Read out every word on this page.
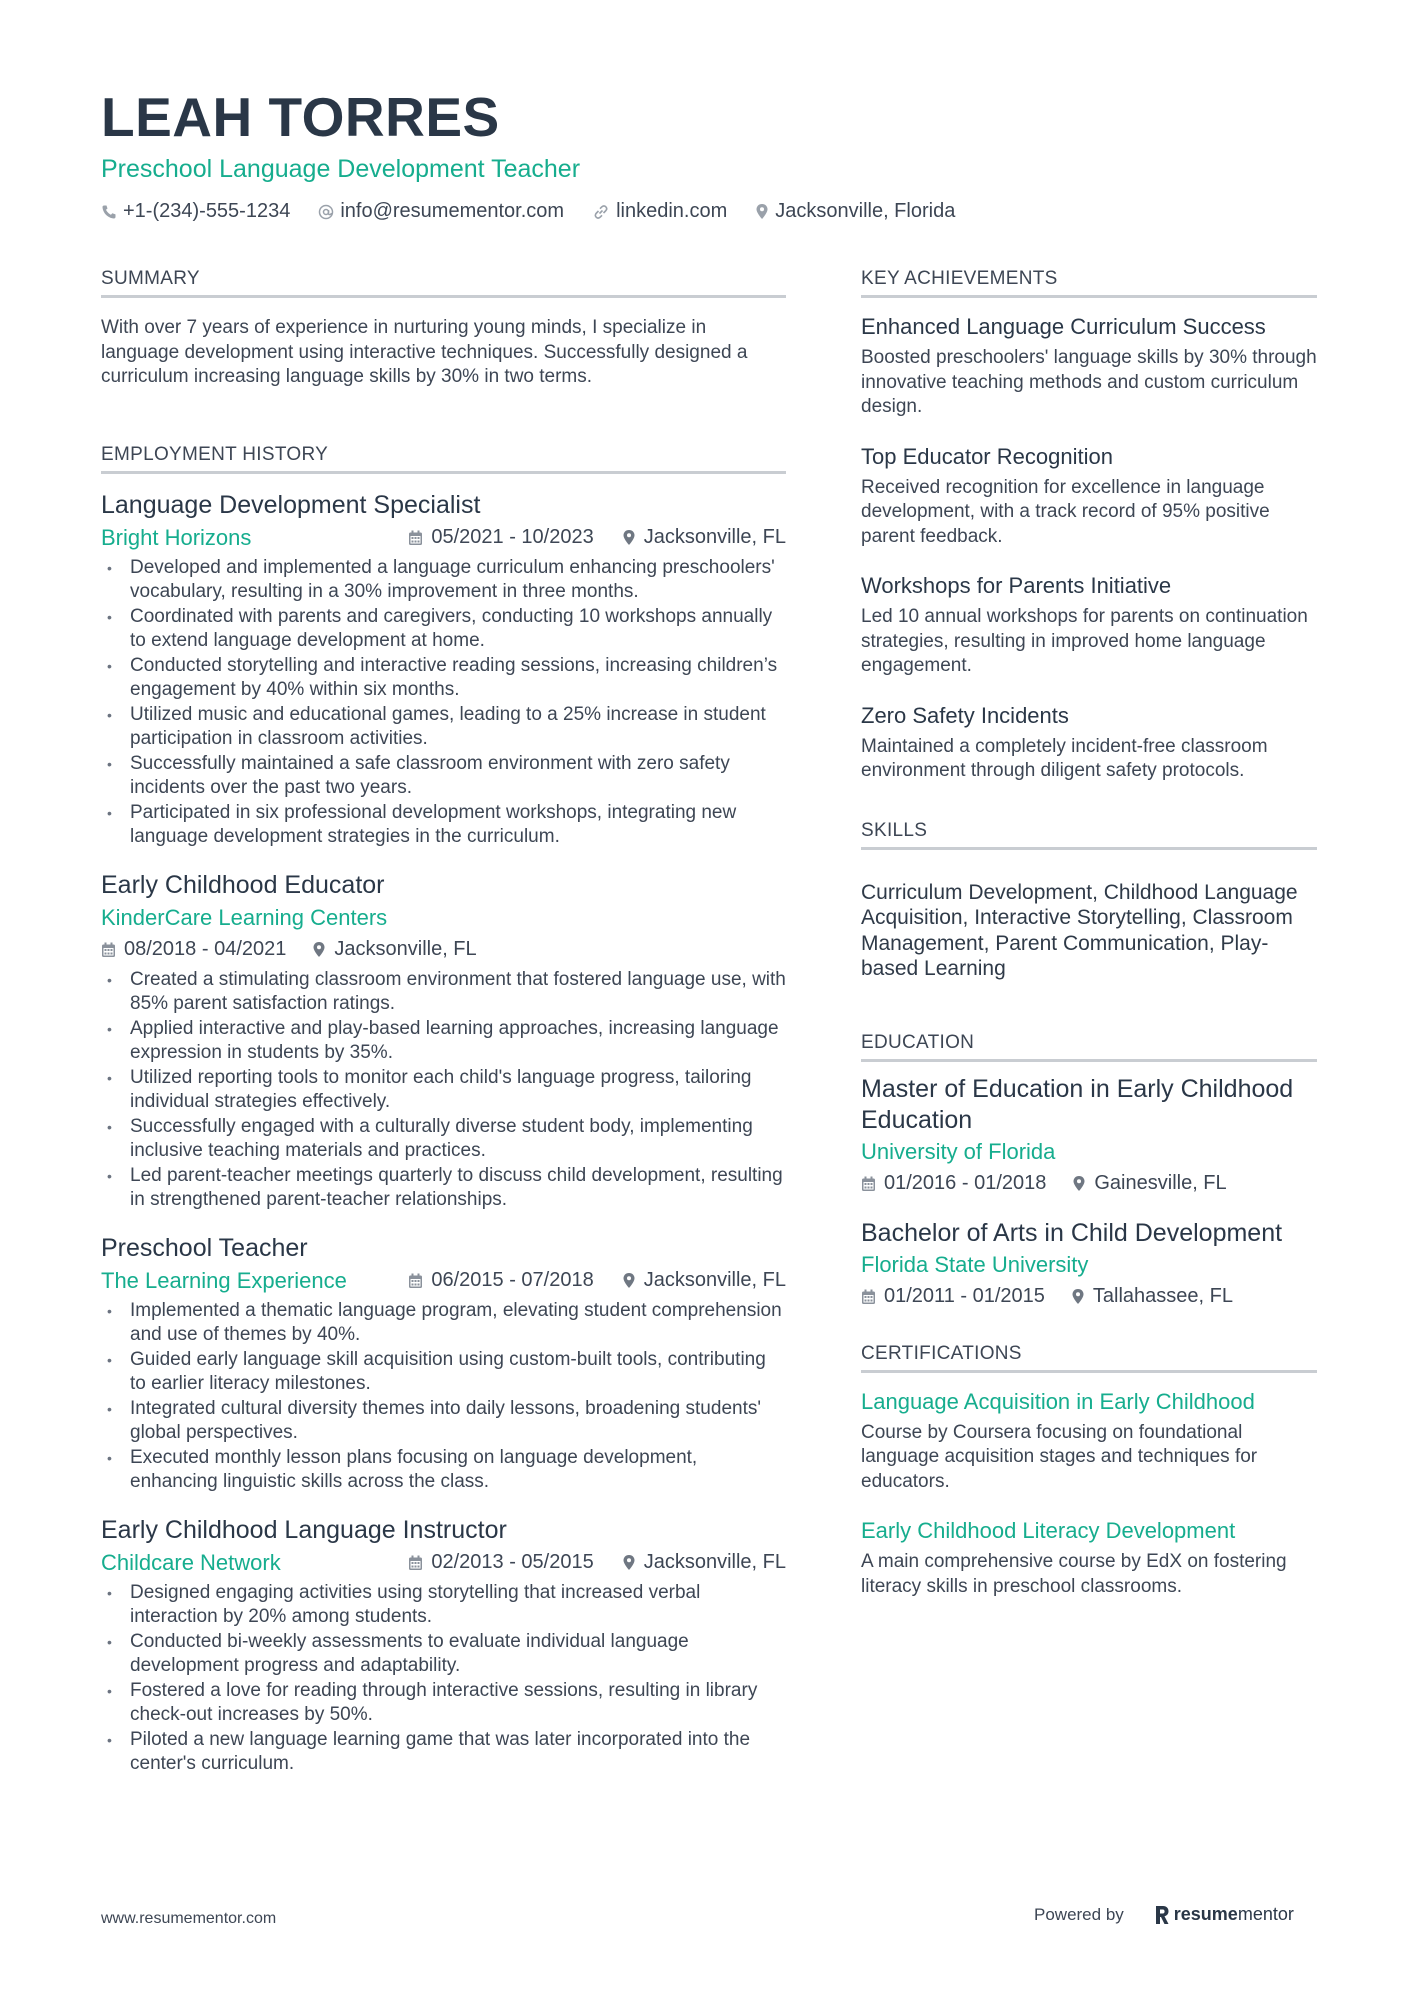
LEAH TORRES
Preschool Language Development Teacher
+1-(234)-555-1234	info@resumementor.com	linkedin.com Jacksonville, Florida
SUMMARY
With over 7 years of experience in nurturing young minds, I specialize in language development using interactive techniques. Successfully designed a curriculum increasing language skills by 30% in two terms.
EMPLOYMENT HISTORY
Language Development Specialist
Bright Horizons	05/2021 - 10/2023	Jacksonville, FL
• Developed and implemented a language curriculum enhancing preschoolers' vocabulary, resulting in a 30% improvement in three months.
• Coordinated with parents and caregivers, conducting 10 workshops annually to extend language development at home.
• Conducted storytelling and interactive reading sessions, increasing children’s engagement by 40% within six months.
• Utilized music and educational games, leading to a 25% increase in student participation in classroom activities.
• Successfully maintained a safe classroom environment with zero safety incidents over the past two years.
• Participated in six professional development workshops, integrating new language development strategies in the curriculum.
Early Childhood Educator
KinderCare Learning Centers
08/2018 - 04/2021 Jacksonville, FL
• Created a stimulating classroom environment that fostered language use, with 85% parent satisfaction ratings.
• Applied interactive and play-based learning approaches, increasing language expression in students by 35%.
• Utilized reporting tools to monitor each child's language progress, tailoring individual strategies effectively.
• Successfully engaged with a culturally diverse student body, implementing inclusive teaching materials and practices.
• Led parent-teacher meetings quarterly to discuss child development, resulting in strengthened parent-teacher relationships.
Preschool Teacher
The Learning Experience	06/2015 - 07/2018	Jacksonville, FL
• Implemented a thematic language program, elevating student comprehension and use of themes by 40%.
• Guided early language skill acquisition using custom-built tools, contributing to earlier literacy milestones.
• Integrated cultural diversity themes into daily lessons, broadening students' global perspectives.
• Executed monthly lesson plans focusing on language development, enhancing linguistic skills across the class.
Early Childhood Language Instructor
Childcare Network	02/2013 - 05/2015	Jacksonville, FL
• Designed engaging activities using storytelling that increased verbal interaction by 20% among students.
• Conducted bi-weekly assessments to evaluate individual language development progress and adaptability.
• Fostered a love for reading through interactive sessions, resulting in library check-out increases by 50%.
• Piloted a new language learning game that was later incorporated into the center's curriculum.
KEY ACHIEVEMENTS
Enhanced Language Curriculum Success
Boosted preschoolers' language skills by 30% through innovative teaching methods and custom curriculum design.
Top Educator Recognition
Received recognition for excellence in language development, with a track record of 95% positive parent feedback.
Workshops for Parents Initiative
Led 10 annual workshops for parents on continuation strategies, resulting in improved home language engagement.
Zero Safety Incidents
Maintained a completely incident-free classroom environment through diligent safety protocols.
SKILLS
Curriculum Development, Childhood Language Acquisition, Interactive Storytelling, Classroom Management, Parent Communication, Play-based Learning
EDUCATION
Master of Education in Early Childhood Education
University of Florida
01/2016 - 01/2018 Gainesville, FL
Bachelor of Arts in Child Development
Florida State University
01/2011 - 01/2015 Tallahassee, FL
CERTIFICATIONS
Language Acquisition in Early Childhood
Course by Coursera focusing on foundational language acquisition stages and techniques for educators.
Early Childhood Literacy Development
A main comprehensive course by EdX on fostering literacy skills in preschool classrooms.
www.resumementor.com	Powered by	resume mentor
